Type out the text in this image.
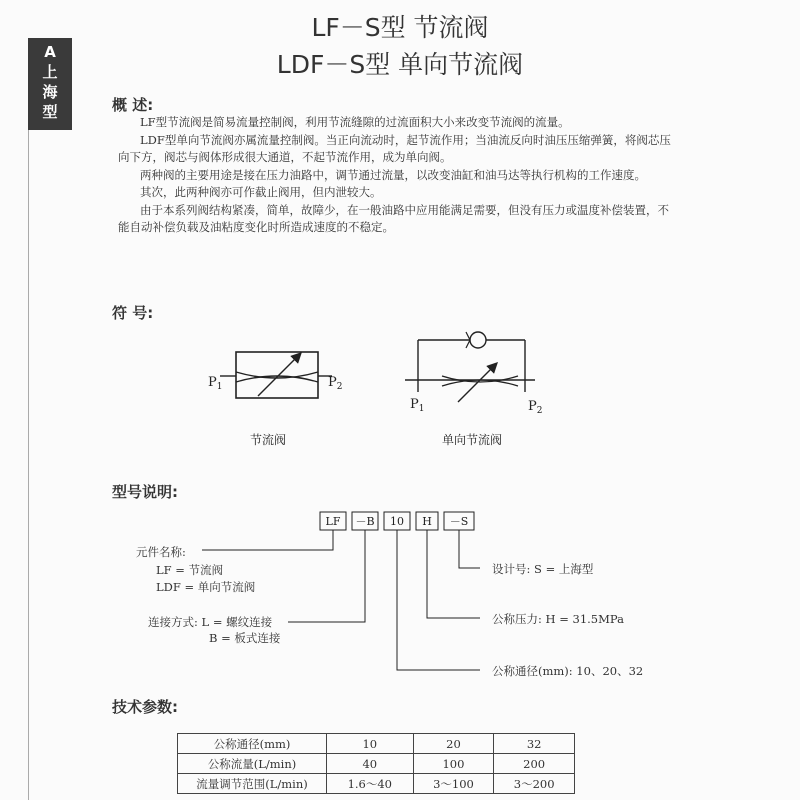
A
上
海
型
LF－S型 节流阀
LDF－S型 单向节流阀
概 述:

LF型节流阀是简易流量控制阀，利用节流缝隙的过流面积大小来改变节流阀的流量。

LDF型单向节流阀亦属流量控制阀。当正向流动时，起节流作用；当油流反向时油压压缩弹簧，将阀芯压向下方，阀芯与阀体形成很大通道，不起节流作用，成为单向阀。

两种阀的主要用途是接在压力油路中，调节通过流量，以改变油缸和油马达等执行机构的工作速度。

其次，此两种阀亦可作截止阀用，但内泄较大。

由于本系列阀结构紧凑，简单，故障少，在一般油路中应用能满足需要，但没有压力或温度补偿装置，不能自动补偿负载及油粘度变化时所造成速度的不稳定。

符 号:
$P_1$	$P_2$
节流阀
$P_1$	$P_2$
单向节流阀
型号说明:
LF －B 10 H －S
元件名称:
LF = 节流阀
LDF = 单向节流阀
连接方式: L = 螺纹连接
B = 板式连接
设计号: S = 上海型
公称压力: H = 31.5MPa
公称通径(mm): 10、20、32
技术参数:
公称通径(mm)	10	20	32
公称流量(L/min)	40	100	200
流量调节范围(L/min)	1.6～40	3～100	3～200
